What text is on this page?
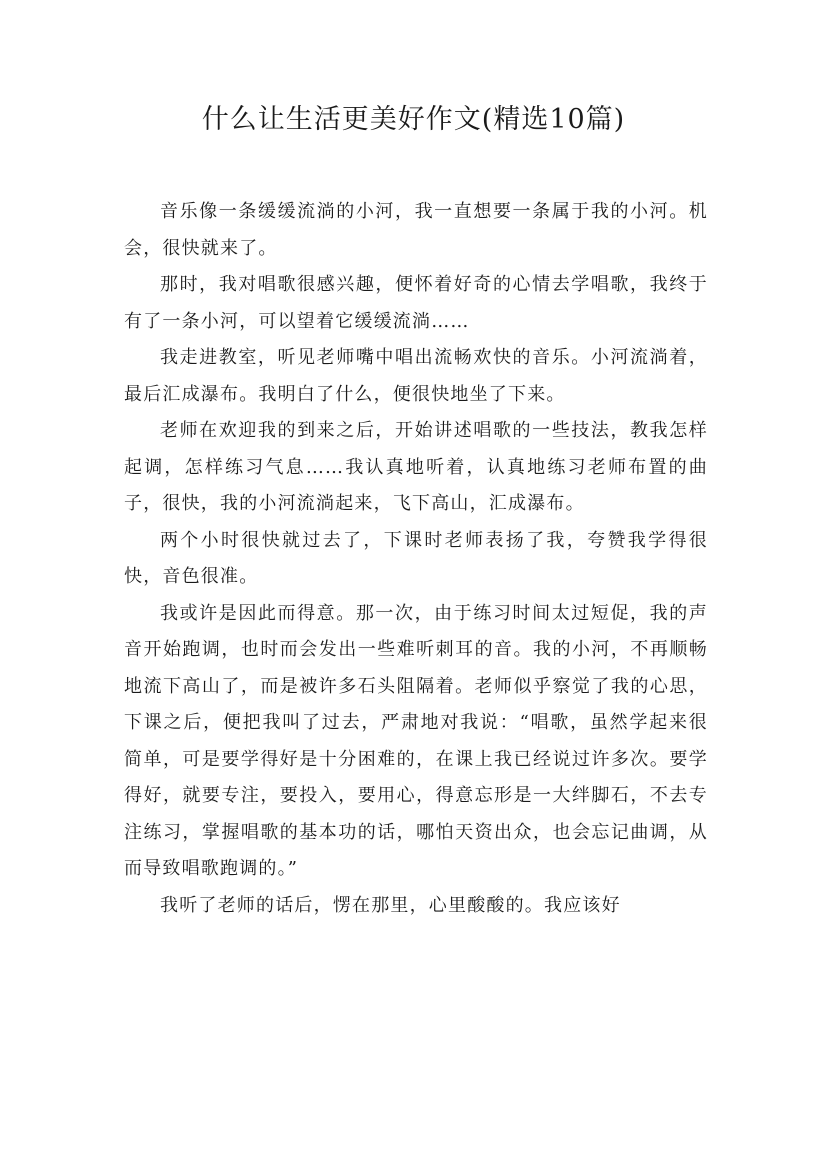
什么让生活更美好作文(精选10篇)

音乐像一条缓缓流淌的小河，我一直想要一条属于我的小河。机会，很快就来了。

那时，我对唱歌很感兴趣，便怀着好奇的心情去学唱歌，我终于有了一条小河，可以望着它缓缓流淌……

我走进教室，听见老师嘴中唱出流畅欢快的音乐。小河流淌着，最后汇成瀑布。我明白了什么，便很快地坐了下来。

老师在欢迎我的到来之后，开始讲述唱歌的一些技法，教我怎样起调，怎样练习气息……我认真地听着，认真地练习老师布置的曲子，很快，我的小河流淌起来，飞下高山，汇成瀑布。

两个小时很快就过去了，下课时老师表扬了我，夸赞我学得很快，音色很准。

我或许是因此而得意。那一次，由于练习时间太过短促，我的声音开始跑调，也时而会发出一些难听刺耳的音。我的小河，不再顺畅地流下高山了，而是被许多石头阻隔着。老师似乎察觉了我的心思，下课之后，便把我叫了过去，严肃地对我说：“唱歌，虽然学起来很简单，可是要学得好是十分困难的，在课上我已经说过许多次。要学得好，就要专注，要投入，要用心，得意忘形是一大绊脚石，不去专注练习，掌握唱歌的基本功的话，哪怕天资出众，也会忘记曲调，从而导致唱歌跑调的。”

我听了老师的话后，愣在那里，心里酸酸的。我应该好
